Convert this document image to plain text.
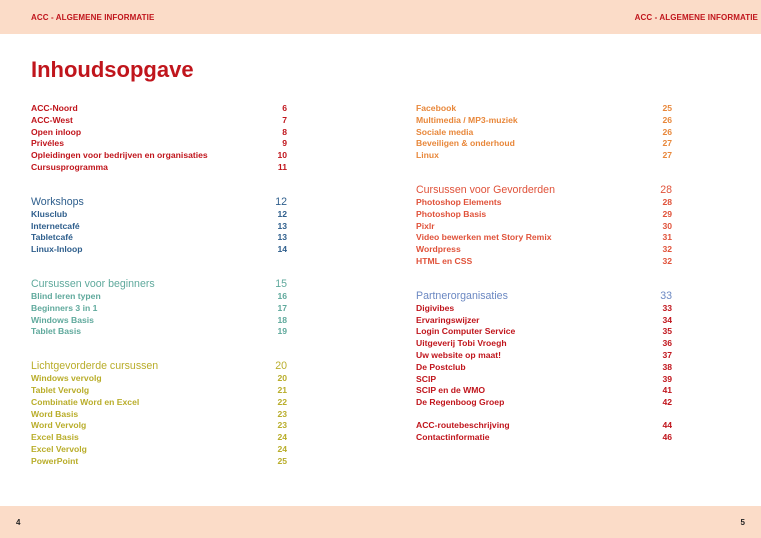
ACC - ALGEMENE INFORMATIE	ACC - ALGEMENE INFORMATIE
4	5
Inhoudsopgave
ACC-Noord	6
ACC-West	7
Open inloop	8
Privéles	9
Opleidingen voor bedrijven en organisaties	10
Cursusprogramma	11
Workshops	12
Klusclub	12
Internetcafé	13
Tabletcafé	13
Linux-Inloop	14
Cursussen voor beginners	15
Blind leren typen	16
Beginners 3 in 1	17
Windows Basis	18
Tablet Basis	19
Lichtgevorderde cursussen	20
Windows vervolg	20
Tablet Vervolg	21
Combinatie Word en Excel	22
Word Basis	23
Word Vervolg	23
Excel Basis	24
Excel Vervolg	24
PowerPoint	25
Facebook	25
Multimedia / MP3-muziek	26
Sociale media	26
Beveiligen & onderhoud	27
Linux	27
Cursussen voor Gevorderden	28
Photoshop Elements	28
Photoshop Basis	29
Pixlr	30
Video bewerken met Story Remix	31
Wordpress	32
HTML en CSS	32
Partnerorganisaties	33
Digivibes	33
Ervaringswijzer	34
Login Computer Service	35
Uitgeverij Tobi Vroegh	36
Uw website op maat!	37
De Postclub	38
SCIP	39
SCIP en de WMO	41
De Regenboog Groep	42
ACC-routebeschrijving	44
Contactinformatie	46
